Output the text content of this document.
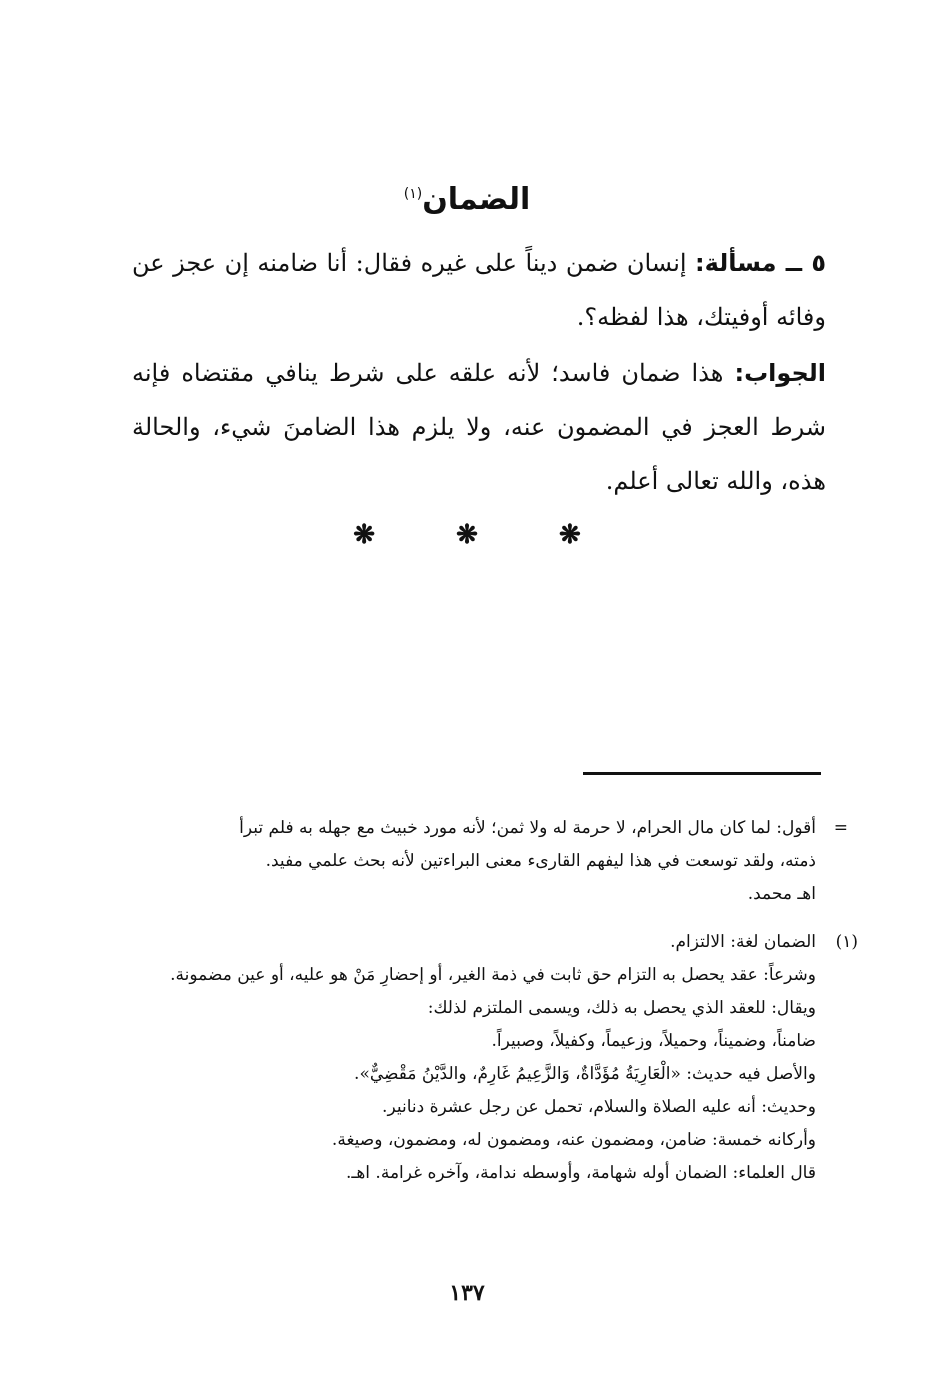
الضمان$^{(١)}$
٥ ــ مسألة: إنسان ضمن ديناً على غيره فقال: أنا ضامنه إن عجز عن وفائه أوفيتك، هذا لفظه؟.
الجواب: هذا ضمان فاسد؛ لأنه علقه على شرط ينافي مقتضاه فإنه شرط العجز في المضمون عنه، ولا يلزم هذا الضامنَ شيء، والحالة هذه، والله تعالى أعلم.
❋ ❋ ❋
=
أقول: لما كان مال الحرام، لا حرمة له ولا ثمن؛ لأنه مورد خبيث مع جهله به فلم تبرأ
ذمته، ولقد توسعت في هذا ليفهم القارىء معنى البراءتين لأنه بحث علمي مفيد.
اهـ محمد.
(١)
الضمان لغة: الالتزام.
وشرعاً: عقد يحصل به التزام حق ثابت في ذمة الغير، أو إحضارِ مَنْ هو عليه، أو عين مضمونة.
ويقال: للعقد الذي يحصل به ذلك، ويسمى الملتزم لذلك:
ضامناً، وضميناً، وحميلاً، وزعيماً، وكفيلاً، وصبيراً.
والأصل فيه حديث: «الْعَارِيَةُ مُؤَدَّاةٌ، وَالزَّعِيمُ غَارِمٌ، والدَّيْنُ مَقْضِيٌّ».
وحديث: أنه عليه الصلاة والسلام، تحمل عن رجل عشرة دنانير.
وأركانه خمسة: ضامن، ومضمون عنه، ومضمون له، ومضمون، وصيغة.
قال العلماء: الضمان أوله شهامة، وأوسطه ندامة، وآخره غرامة. اهـ.
١٣٧
